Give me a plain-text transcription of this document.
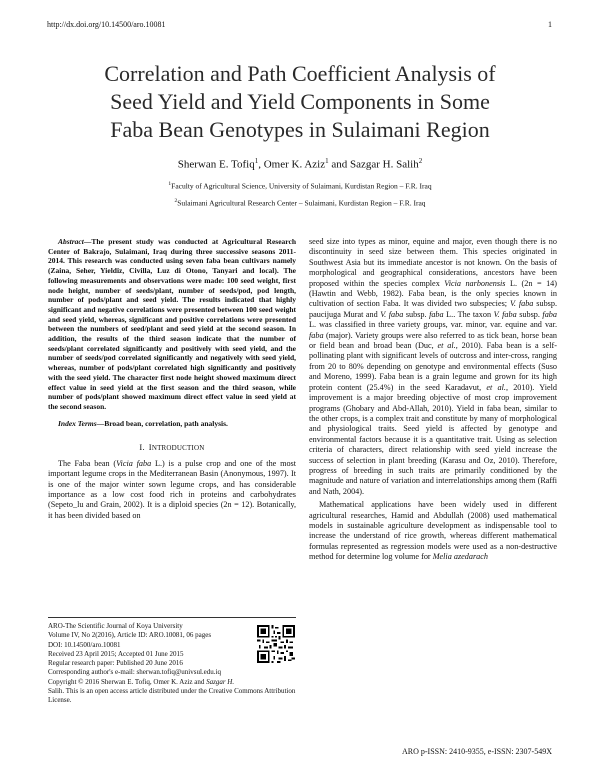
http://dx.doi.org/10.14500/aro.10081	1
Correlation and Path Coefficient Analysis of
Seed Yield and Yield Components in Some
Faba Bean Genotypes in Sulaimani Region
Sherwan E. Tofiq$^1$, Omer K. Aziz$^1$ and Sazgar H. Salih$^2$
$^1$Faculty of Agricultural Science, University of Sulaimani, Kurdistan Region – F.R. Iraq
$^2$Sulaimani Agricultural Research Center – Sulaimani, Kurdistan Region – F.R. Iraq

Abstract—The present study was conducted at Agricultural Research Center of Bakrajo, Sulaimani, Iraq during three successive seasons 2011-2014. This research was conducted using seven faba bean cultivars namely (Zaina, Seher, Yieldiz, Civilla, Luz di Otono, Tanyari and local). The following measurements and observations were made: 100 seed weight, first node height, number of seeds/plant, number of seeds/pod, pod length, number of pods/plant and seed yield. The results indicated that highly significant and negative correlations were presented between 100 seed weight and seed yield, whereas, significant and positive correlations were presented between the numbers of seed/plant and seed yield at the second season. In addition, the results of the third season indicate that the number of seeds/plant correlated significantly and positively with seed yield, and the number of seeds/pod correlated significantly and negatively with seed yield, whereas, number of pods/plant correlated high significantly and positively with the seed yield. The character first node height showed maximum direct effect value in seed yield at the first season and the third season, while number of pods/plant showed maximum direct effect value in seed yield at the second season.

Index Terms—Broad bean, correlation, path analysis.

I. INTRODUCTION

The Faba bean (Vicia faba L.) is a pulse crop and one of the most important legume crops in the Mediterranean Basin (Anonymous, 1997). It is one of the major winter sown legume crops, and has considerable importance as a low cost food rich in proteins and carbohydrates (Sepeto_lu and Grain, 2002). It is a diploid species (2n = 12). Botanically, it has been divided based on

seed size into types as minor, equine and major, even though there is no discontinuity in seed size between them. This species originated in Southwest Asia but its immediate ancestor is not known. On the basis of morphological and geographical considerations, ancestors have been proposed within the species complex Vicia narbonensis L. (2n = 14) (Hawtin and Webb, 1982). Faba bean, is the only species known in cultivation of section Faba. It was divided two subspecies; V. faba subsp. paucijuga Murat and V. faba subsp. faba L.. The taxon V. faba subsp. faba L. was classified in three variety groups, var. minor, var. equine and var. faba (major). Variety groups were also referred to as tick bean, horse bean or field bean and broad bean (Duc, et al., 2010). Faba bean is a self-pollinating plant with significant levels of outcross and inter-cross, ranging from 20 to 80% depending on genotype and environmental effects (Suso and Moreno, 1999). Faba bean is a grain legume and grown for its high protein content (25.4%) in the seed Karadavut, et al., 2010). Yield improvement is a major breeding objective of most crop improvement programs (Ghobary and Abd-Allah, 2010). Yield in faba bean, similar to the other crops, is a complex trait and constitute by many of morphological and physiological traits. Seed yield is affected by genotype and environmental factors because it is a quantitative trait. Using as selection criteria of characters, direct relationship with seed yield increase the success of selection in plant breeding (Karasu and Oz, 2010). Therefore, progress of breeding in such traits are primarily conditioned by the magnitude and nature of variation and interrelationships among them (Raffi and Nath, 2004).

Mathematical applications have been widely used in different agricultural researches, Hamid and Abdullah (2008) used mathematical models in sustainable agriculture development as indispensable tool to increase the understand of rice growth, whereas different mathematical formulas represented as regression models were used as a non-destructive method for determine log volume for Melia azedarach

ARO-The Scientific Journal of Koya University
Volume IV, No 2(2016), Article ID: ARO.10081, 06 pages
DOI: 10.14500/aro.10081
Received 23 April 2015; Accepted 01 June 2015
Regular research paper: Published 20 June 2016
Corresponding author's e-mail: sherwan.tofiq@univsul.edu.iq
Copyright © 2016 Sherwan E. Tofiq, Omer K. Aziz and Sazgar H.
Salih. This is an open access article distributed under the Creative Commons Attribution License.
ARO p-ISSN: 2410-9355, e-ISSN: 2307-549X
